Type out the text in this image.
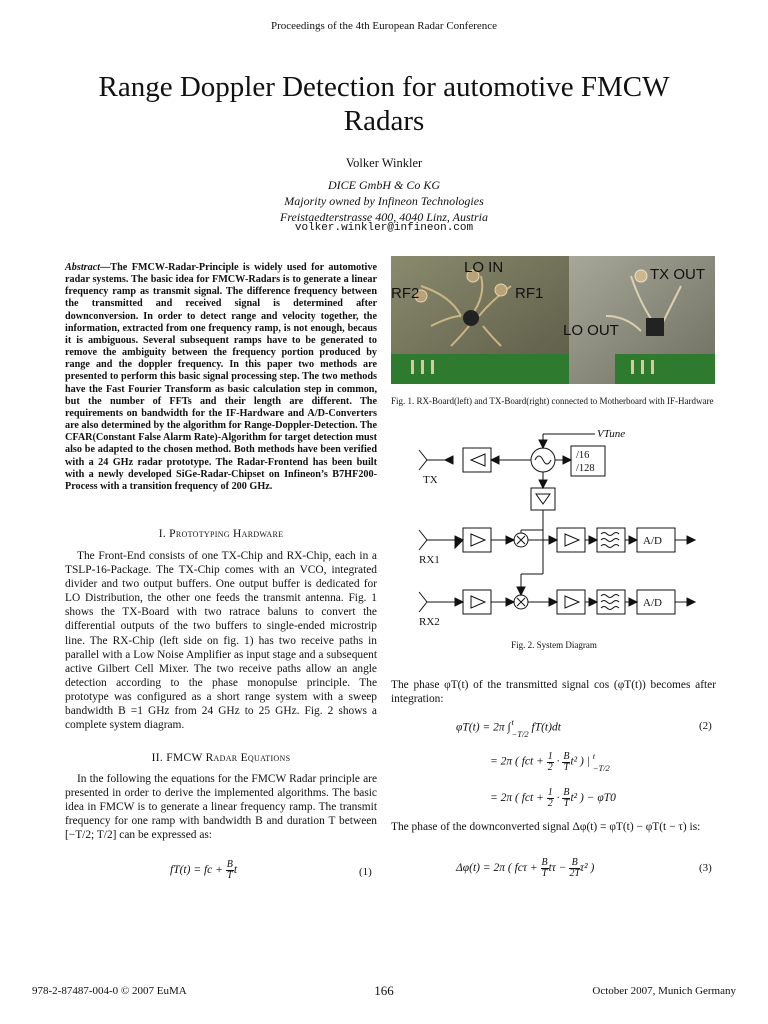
Proceedings of the 4th European Radar Conference
Range Doppler Detection for automotive FMCW Radars
Volker Winkler
DICE GmbH & Co KG
Majority owned by Infineon Technologies
Freistaedterstrasse 400, 4040 Linz, Austria
volker.winkler@infineon.com
Abstract—The FMCW-Radar-Principle is widely used for automotive radar systems. The basic idea for FMCW-Radars is to generate a linear frequency ramp as transmit signal. The difference frequency between the transmitted and received signal is determined after downconversion. In order to detect range and velocity together, the information, extracted from one frequency ramp, is not enough, becaus it is ambiguous. Several subsequent ramps have to be generated to remove the ambiguity between the frequency portion produced by range and the doppler frequency. In this paper two methods are presented to perform this basic signal processing step. The two methods have the Fast Fourier Transform as basic calculation step in common, but the number of FFTs and their length are different. The requirements on bandwidth for the IF-Hardware and A/D-Converters are also determined by the algorithm for Range-Doppler-Detection. The CFAR(Constant False Alarm Rate)-Algorithm for target detection must also be adapted to the chosen method. Both methods have been verified with a 24 GHz radar prototype. The Radar-Frontend has been built with a newly developed SiGe-Radar-Chipset on Infineon’s B7HF200-Process with a transition frequency of 200 GHz.
I. Prototyping Hardware

The Front-End consists of one TX-Chip and RX-Chip, each in a TSLP-16-Package. The TX-Chip comes with an VCO, integrated divider and two output buffers. One output buffer is dedicated for LO Distribution, the other one feeds the transmit antenna. Fig. 1 shows the TX-Board with two ratrace baluns to convert the differential outputs of the two buffers to single-ended microstrip line. The RX-Chip (left side on fig. 1) has two receive paths in parallel with a Low Noise Amplifier as input stage and a subsequent active Gilbert Cell Mixer. The two receive paths allow an angle detection according to the phase monopulse principle. The prototype was configured as a short range system with a sweep bandwidth B =1 GHz from 24 GHz to 25 GHz. Fig. 2 shows a complete system diagram.

II. FMCW Radar Equations

In the following the equations for the FMCW Radar principle are presented in order to derive the implemented algorithms. The basic idea in FMCW is to generate a linear frequency ramp. The transmit frequency for one ramp with bandwidth B and duration T between [−T/2; T/2] can be expressed as:

fT(t) = fc + $\frac{B}{T}$ t	(1)
LO IN
RF2	RF1
TX OUT
LO OUT
Fig. 1. RX-Board(left) and TX-Board(right) connected to Motherboard with IF-Hardware
VTune
/16
/128
TX
RX1
RX2
A/D
A/D
Fig. 2. System Diagram

The phase φT(t) of the transmitted signal cos (φT(t)) becomes after integration:

φT(t) = 2π ∫ t
−T/2
fT(t)dt	(2)
= 2π ( fct + $\frac{1}{2} \cdot \frac{B}{T} t^2$ ) | t
−T/2
= 2π ( fct + $\frac{1}{2} \cdot \frac{B}{T} t^2$ ) − φT0

The phase of the downconverted signal Δφ(t) = φT(t) − φT(t − τ) is:

Δφ(t) = 2π ( $fc\tau + \frac{B}{T}$ $t\tau - \frac{B}{2T} \tau^2$ )	(3)
978-2-87487-004-0 © 2007 EuMA	166	October 2007, Munich Germany
